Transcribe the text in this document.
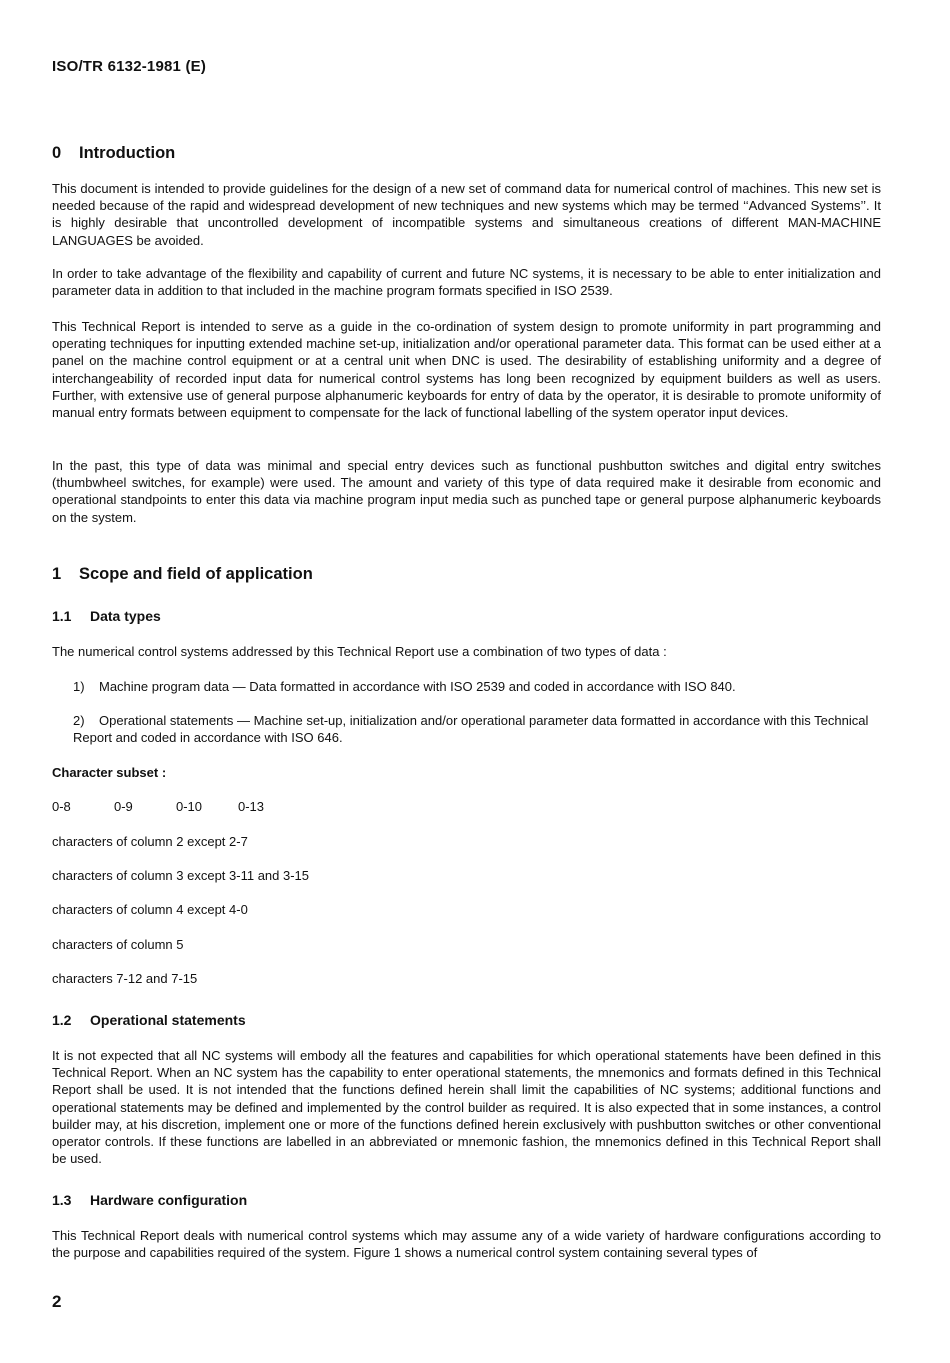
ISO/TR 6132-1981 (E)
0 Introduction

This document is intended to provide guidelines for the design of a new set of command data for numerical control of machines. This new set is needed because of the rapid and widespread development of new techniques and new systems which may be termed ‘‘Advanced Systems’’. It is highly desirable that uncontrolled development of incompatible systems and simultaneous creations of different MAN-MACHINE LANGUAGES be avoided.

In order to take advantage of the flexibility and capability of current and future NC systems, it is necessary to be able to enter initialization and parameter data in addition to that included in the machine program formats specified in ISO 2539.

This Technical Report is intended to serve as a guide in the co-ordination of system design to promote uniformity in part programming and operating techniques for inputting extended machine set-up, initialization and/or operational parameter data. This format can be used either at a panel on the machine control equipment or at a central unit when DNC is used. The desirability of establishing uniformity and a degree of interchangeability of recorded input data for numerical control systems has long been recognized by equipment builders as well as users. Further, with extensive use of general purpose alphanumeric keyboards for entry of data by the operator, it is desirable to promote uniformity of manual entry formats between equipment to compensate for the lack of functional labelling of the system operator input devices.

In the past, this type of data was minimal and special entry devices such as functional pushbutton switches and digital entry switches (thumbwheel switches, for example) were used. The amount and variety of this type of data required make it desirable from economic and operational standpoints to enter this data via machine program input media such as punched tape or general purpose alphanumeric keyboards on the system.

1 Scope and field of application
1.1 Data types

The numerical control systems addressed by this Technical Report use a combination of two types of data :

1) Machine program data — Data formatted in accordance with ISO 2539 and coded in accordance with ISO 840.
2) Operational statements — Machine set-up, initialization and/or operational parameter data formatted in accordance with this Technical Report and coded in accordance with ISO 646.
Character subset :
0-8	0-9	0-10	0-13

characters of column 2 except 2-7

characters of column 3 except 3-11 and 3-15

characters of column 4 except 4-0

characters of column 5

characters 7-12 and 7-15

1.2 Operational statements

It is not expected that all NC systems will embody all the features and capabilities for which operational statements have been defined in this Technical Report. When an NC system has the capability to enter operational statements, the mnemonics and formats defined in this Technical Report shall be used. It is not intended that the functions defined herein shall limit the capabilities of NC systems; additional functions and operational statements may be defined and implemented by the control builder as required. It is also expected that in some instances, a control builder may, at his discretion, implement one or more of the functions defined herein exclusively with pushbutton switches or other conventional operator controls. If these functions are labelled in an abbreviated or mnemonic fashion, the mnemonics defined in this Technical Report shall be used.

1.3 Hardware configuration

This Technical Report deals with numerical control systems which may assume any of a wide variety of hardware configurations according to the purpose and capabilities required of the system. Figure 1 shows a numerical control system containing several types of

2
